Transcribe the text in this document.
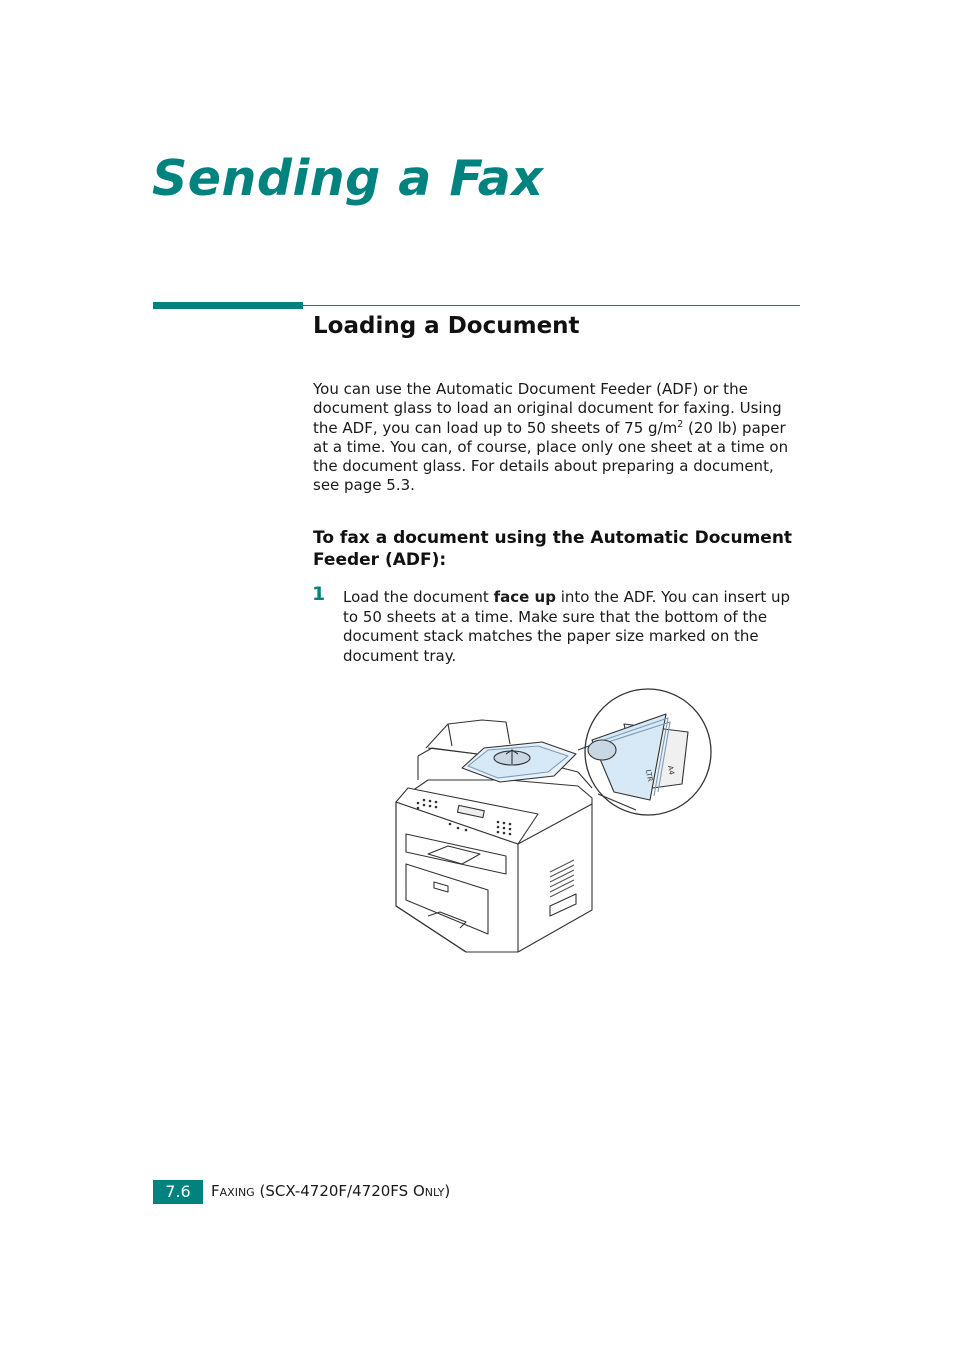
Sending a Fax
Loading a Document

You can use the Automatic Document Feeder (ADF) or the document glass to load an original document for faxing. Using the ADF, you can load up to 50 sheets of 75 $g/m^2$ (20 lb) paper at a time. You can, of course, place only one sheet at a time on the document glass. For details about preparing a document, see page 5.3.

To fax a document using the Automatic Document Feeder (ADF):
1 Load the document face up into the ADF. You can insert up to 50 sheets at a time. Make sure that the bottom of the document stack matches the paper size marked on the document tray.

LTR A4
7.6	FAXING (SCX-4720F/4720FS ONLY)
